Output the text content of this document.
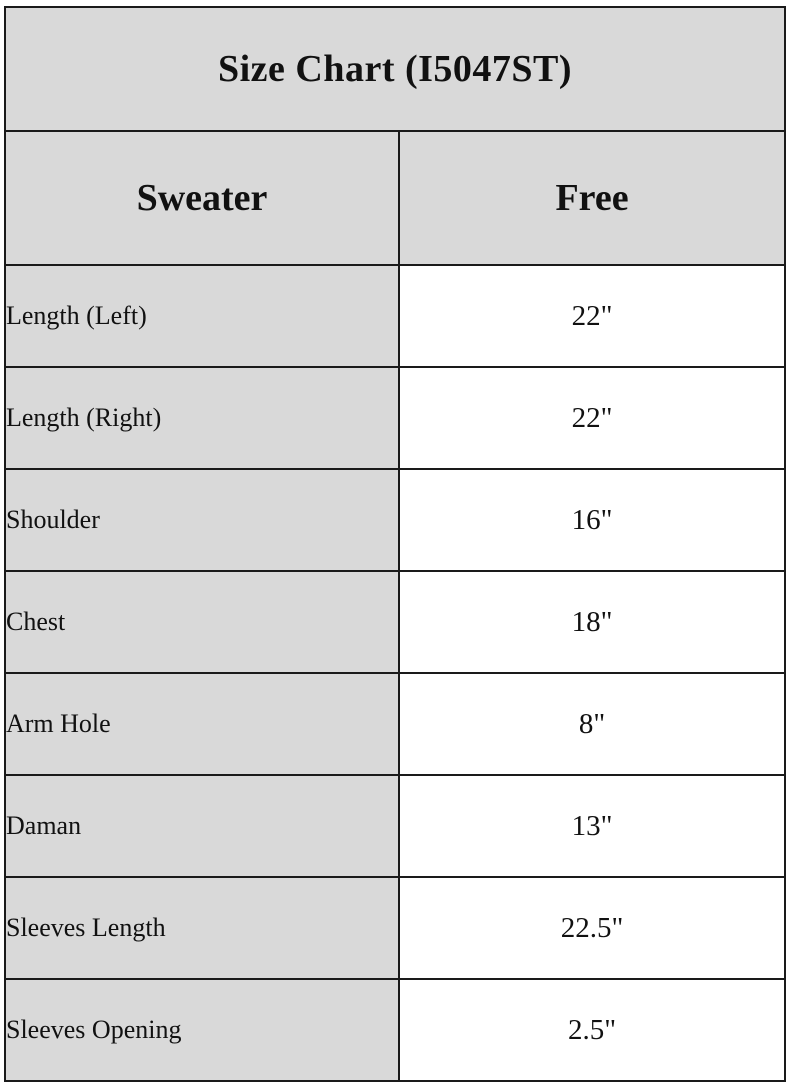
Size Chart (I5047ST)	
Sweater	Free
Length (Left)	22"
Length (Right)	22"
Shoulder	16"
Chest	18"
Arm Hole	8"
Daman	13"
Sleeves Length	22.5"
Sleeves Opening	2.5"
